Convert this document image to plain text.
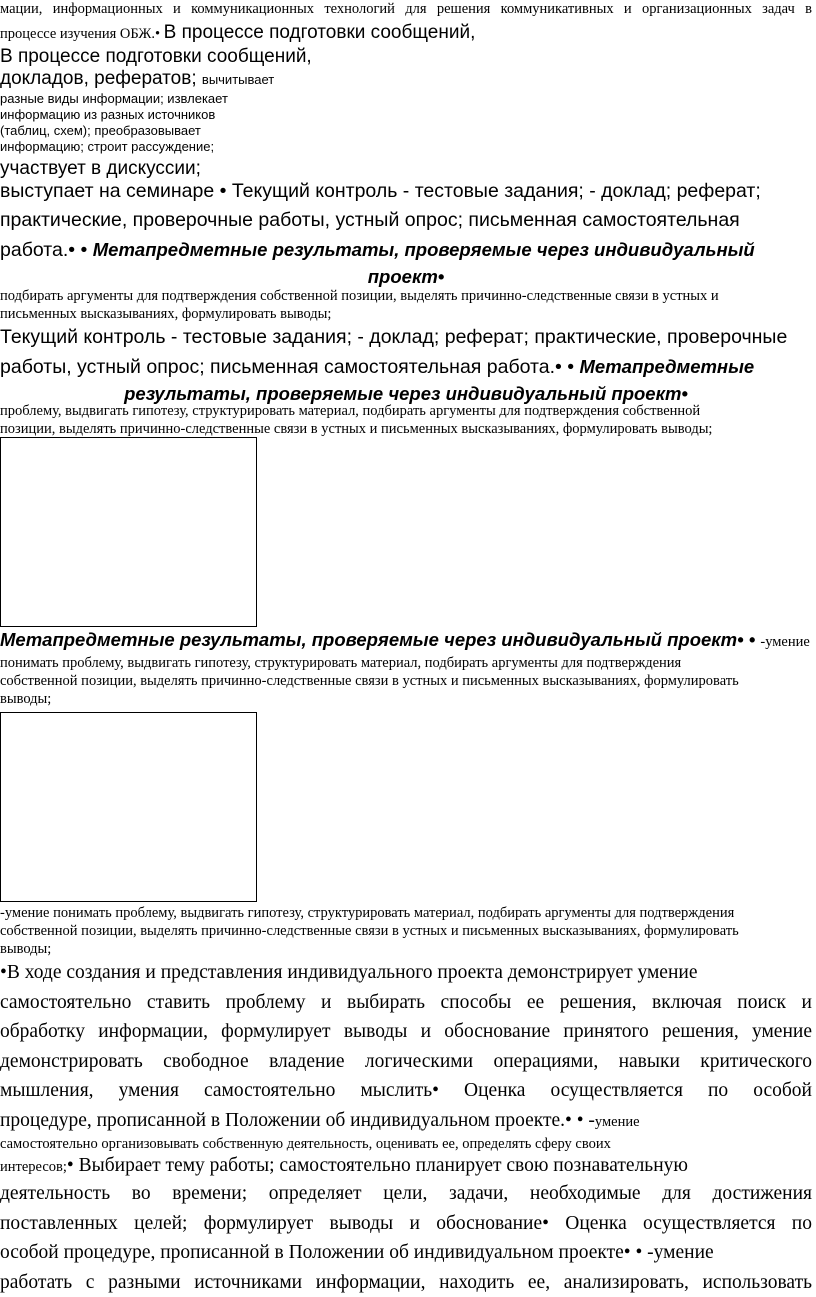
мации, информационных и коммуникационных технологий для решения коммуникативных и организационных задач в
процессе изучения ОБЖ.• В процессе подготовки сообщений,
В процессе подготовки сообщений,
докладов, рефератов; вычитывает
разные виды информации; извлекает
информацию из разных источников
(таблиц, схем); преобразовывает
информацию; строит рассуждение;
участвует в дискуссии;
выступает на семинаре • Текущий контроль - тестовые задания; - доклад; реферат;
практические, проверочные работы, устный опрос; письменная самостоятельная
работа.• • Метапредметные результаты, проверяемые через индивидуальный
проект•
подбирать аргументы для подтверждения собственной позиции, выделять причинно-следственные связи в устных и
письменных высказываниях, формулировать выводы;
Текущий контроль - тестовые задания; - доклад; реферат; практические, проверочные
работы, устный опрос; письменная самостоятельная работа.• • Метапредметные
результаты, проверяемые через индивидуальный проект•
проблему, выдвигать гипотезу, структурировать материал, подбирать аргументы для подтверждения собственной
позиции, выделять причинно-следственные связи в устных и письменных высказываниях, формулировать выводы;
Метапредметные результаты, проверяемые через индивидуальный проект• • -умение
понимать проблему, выдвигать гипотезу, структурировать материал, подбирать аргументы для подтверждения
собственной позиции, выделять причинно-следственные связи в устных и письменных высказываниях, формулировать
выводы;
-умение понимать проблему, выдвигать гипотезу, структурировать материал, подбирать аргументы для подтверждения
собственной позиции, выделять причинно-следственные связи в устных и письменных высказываниях, формулировать
выводы;
•В ходе создания и представления индивидуального проекта демонстрирует умение
самостоятельно ставить проблему и выбирать способы ее решения, включая поиск и
обработку информации, формулирует выводы и обоснование принятого решения, умение
демонстрировать свободное владение логическими операциями, навыки критического
мышления, умения самостоятельно мыслить• Оценка осуществляется по особой
процедуре, прописанной в Положении об индивидуальном проекте.• • -умение
самостоятельно организовывать собственную деятельность, оценивать ее, определять сферу своих
интересов;• Выбирает тему работы; самостоятельно планирует свою познавательную
деятельность во времени; определяет цели, задачи, необходимые для достижения
поставленных целей; формулирует выводы и обоснование• Оценка осуществляется по
особой процедуре, прописанной в Положении об индивидуальном проекте• • -умение
работать с разными источниками информации, находить ее, анализировать, использовать
